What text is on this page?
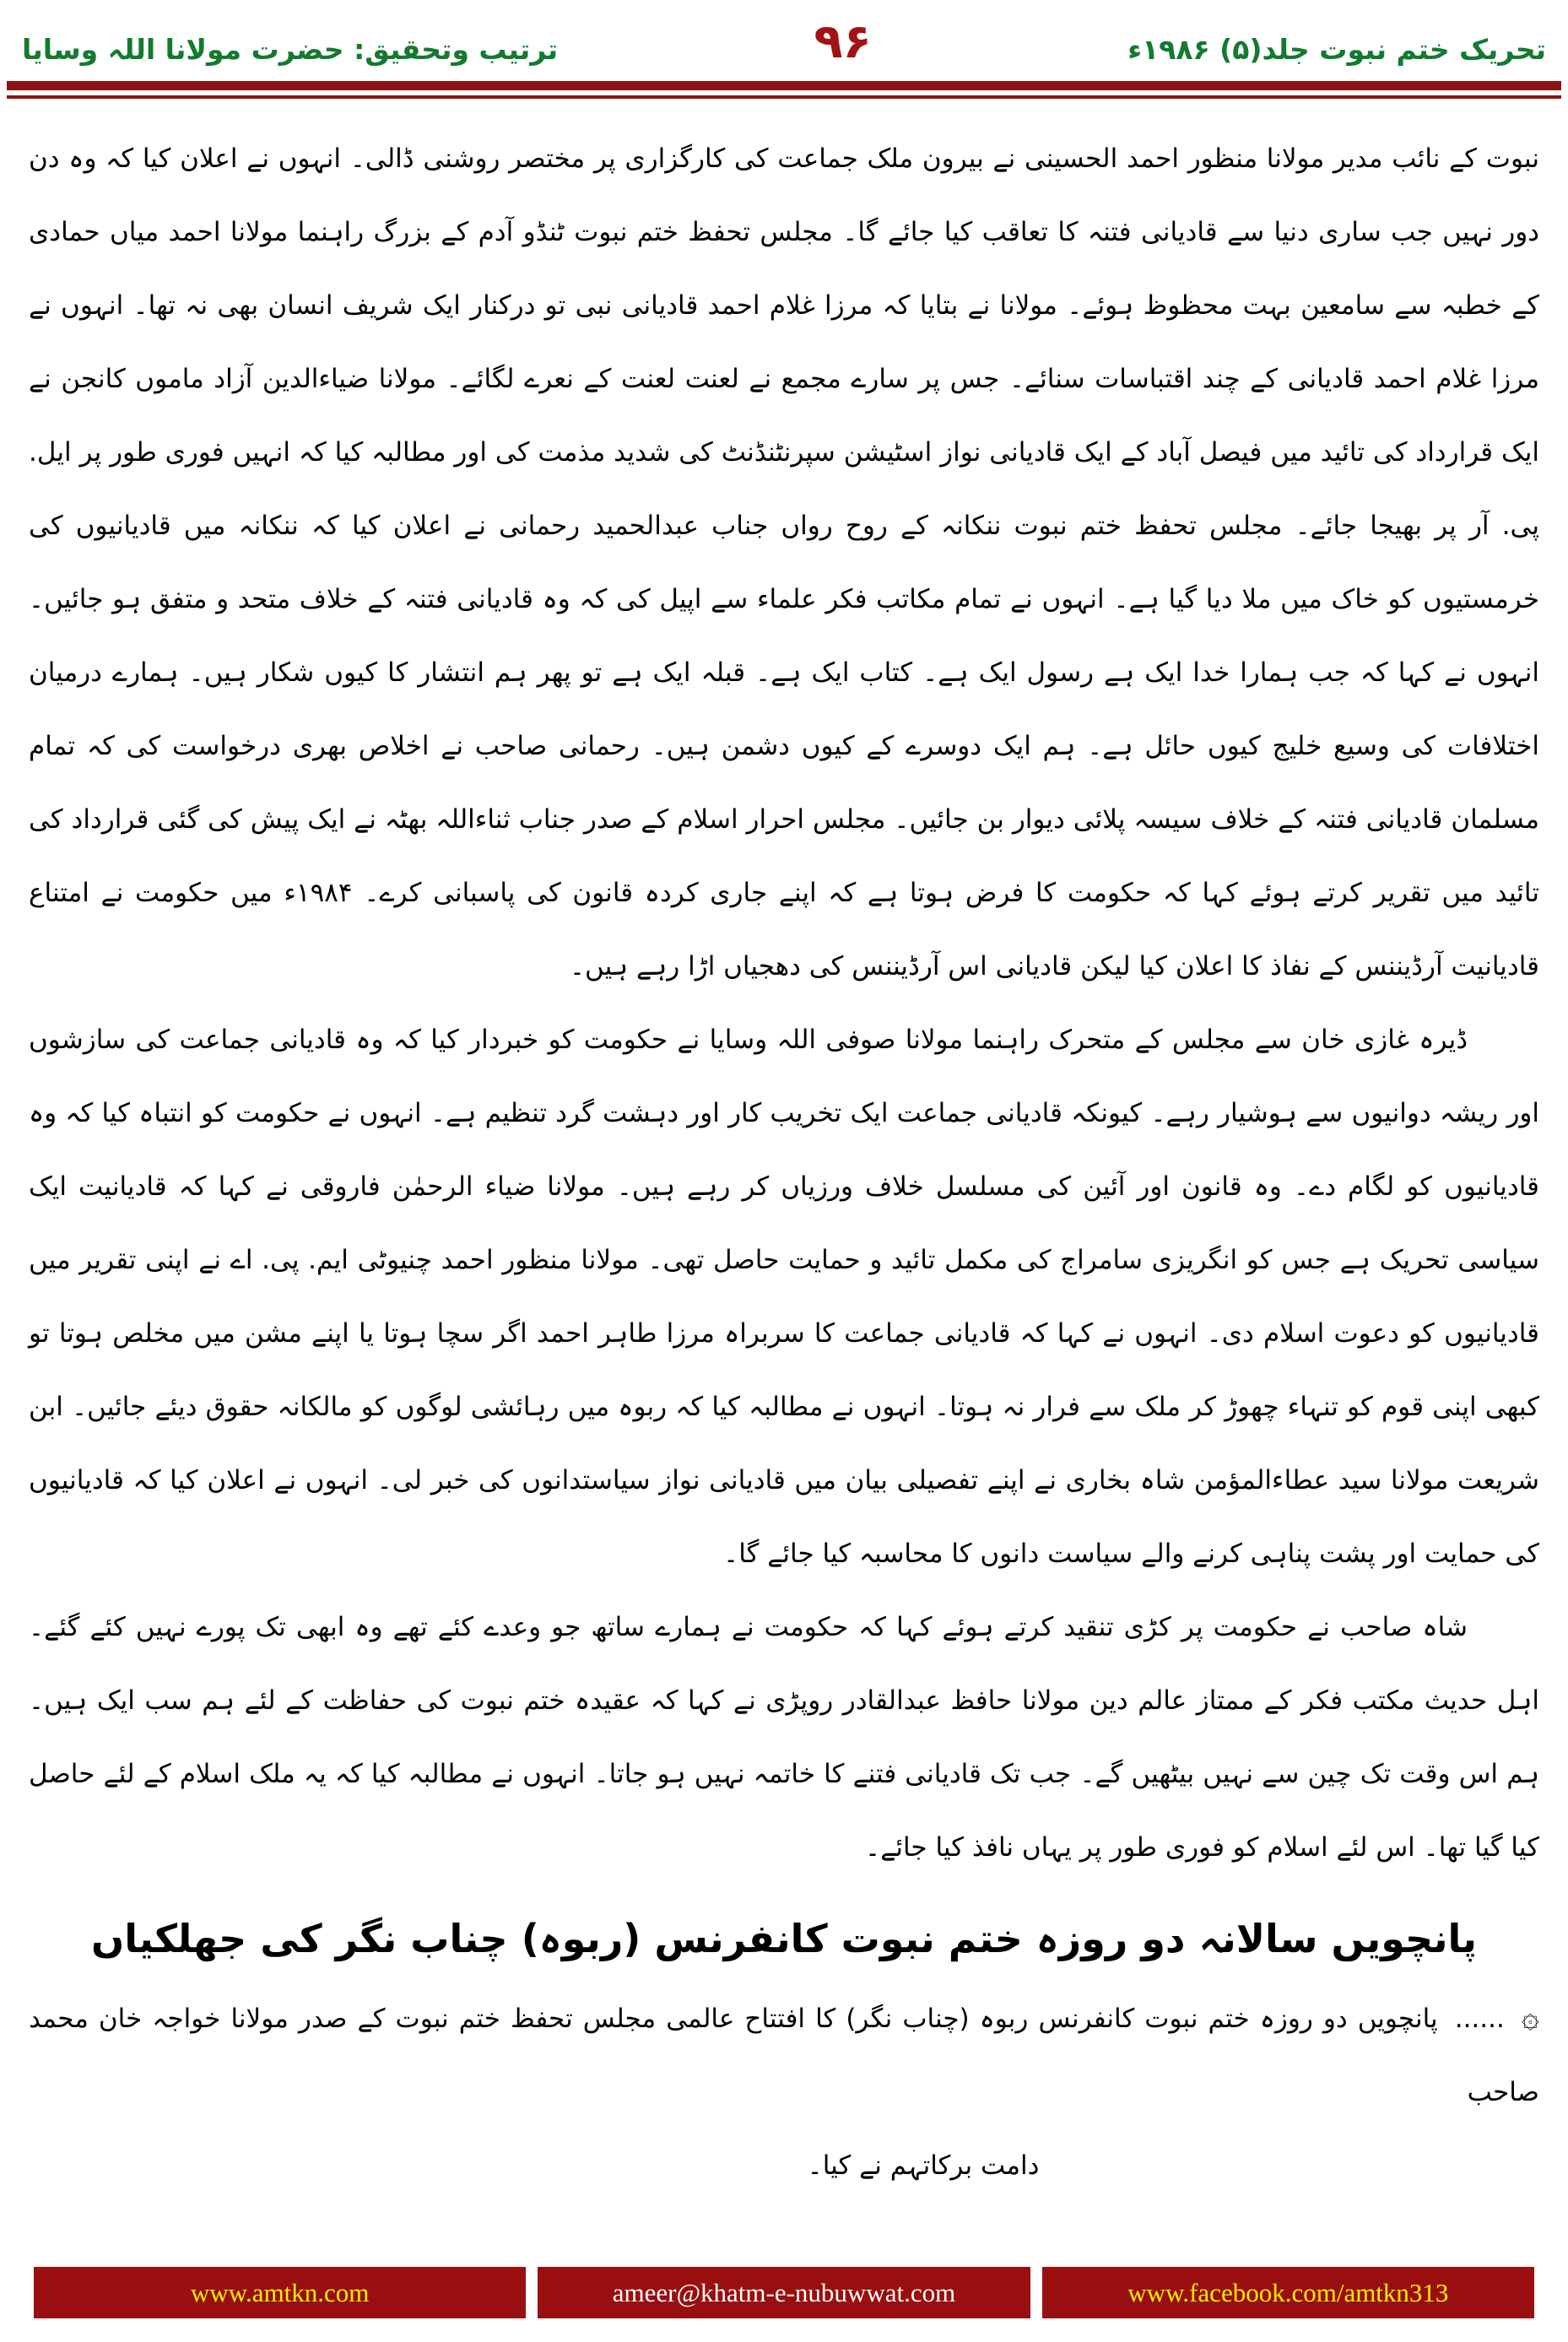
تحریک ختم نبوت جلد(۵) ۱۹۸۶ء
۹۶
ترتیب وتحقیق: حضرت مولانا اللہ وسایا

نبوت کے نائب مدیر مولانا منظور احمد الحسینی نے بیرون ملک جماعت کی کارگزاری پر مختصر روشنی ڈالی۔ انہوں نے اعلان کیا کہ وہ دن دور نہیں جب ساری دنیا سے قادیانی فتنہ کا تعاقب کیا جائے گا۔ مجلس تحفظ ختم نبوت ٹنڈو آدم کے بزرگ راہنما مولانا احمد میاں حمادی کے خطبہ سے سامعین بہت محظوظ ہوئے۔ مولانا نے بتایا کہ مرزا غلام احمد قادیانی نبی تو درکنار ایک شریف انسان بھی نہ تھا۔ انہوں نے مرزا غلام احمد قادیانی کے چند اقتباسات سنائے۔ جس پر سارے مجمع نے لعنت لعنت کے نعرے لگائے۔ مولانا ضیاءالدین آزاد ماموں کانجن نے ایک قرارداد کی تائید میں فیصل آباد کے ایک قادیانی نواز اسٹیشن سپرنٹنڈنٹ کی شدید مذمت کی اور مطالبہ کیا کہ انہیں فوری طور پر ایل. پی. آر پر بھیجا جائے۔ مجلس تحفظ ختم نبوت ننکانہ کے روح رواں جناب عبدالحمید رحمانی نے اعلان کیا کہ ننکانہ میں قادیانیوں کی خرمستیوں کو خاک میں ملا دیا گیا ہے۔ انہوں نے تمام مکاتب فکر علماء سے اپیل کی کہ وہ قادیانی فتنہ کے خلاف متحد و متفق ہو جائیں۔ انہوں نے کہا کہ جب ہمارا خدا ایک ہے رسول ایک ہے۔ کتاب ایک ہے۔ قبلہ ایک ہے تو پھر ہم انتشار کا کیوں شکار ہیں۔ ہمارے درمیان اختلافات کی وسیع خلیج کیوں حائل ہے۔ ہم ایک دوسرے کے کیوں دشمن ہیں۔ رحمانی صاحب نے اخلاص بھری درخواست کی کہ تمام مسلمان قادیانی فتنہ کے خلاف سیسہ پلائی دیوار بن جائیں۔ مجلس احرار اسلام کے صدر جناب ثناءاللہ بھٹہ نے ایک پیش کی گئی قرارداد کی تائید میں تقریر کرتے ہوئے کہا کہ حکومت کا فرض ہوتا ہے کہ اپنے جاری کردہ قانون کی پاسبانی کرے۔ ۱۹۸۴ء میں حکومت نے امتناع قادیانیت آرڈیننس کے نفاذ کا اعلان کیا لیکن قادیانی اس آرڈیننس کی دھجیاں اڑا رہے ہیں۔

ڈیرہ غازی خان سے مجلس کے متحرک راہنما مولانا صوفی اللہ وسایا نے حکومت کو خبردار کیا کہ وہ قادیانی جماعت کی سازشوں اور ریشہ دوانیوں سے ہوشیار رہے۔ کیونکہ قادیانی جماعت ایک تخریب کار اور دہشت گرد تنظیم ہے۔ انہوں نے حکومت کو انتباہ کیا کہ وہ قادیانیوں کو لگام دے۔ وہ قانون اور آئین کی مسلسل خلاف ورزیاں کر رہے ہیں۔ مولانا ضیاء الرحمٰن فاروقی نے کہا کہ قادیانیت ایک سیاسی تحریک ہے جس کو انگریزی سامراج کی مکمل تائید و حمایت حاصل تھی۔ مولانا منظور احمد چنیوٹی ایم. پی. اے نے اپنی تقریر میں قادیانیوں کو دعوت اسلام دی۔ انہوں نے کہا کہ قادیانی جماعت کا سربراہ مرزا طاہر احمد اگر سچا ہوتا یا اپنے مشن میں مخلص ہوتا تو کبھی اپنی قوم کو تنہاء چھوڑ کر ملک سے فرار نہ ہوتا۔ انہوں نے مطالبہ کیا کہ ربوہ میں رہائشی لوگوں کو مالکانہ حقوق دیئے جائیں۔ ابن شریعت مولانا سید عطاءالمؤمن شاہ بخاری نے اپنے تفصیلی بیان میں قادیانی نواز سیاستدانوں کی خبر لی۔ انہوں نے اعلان کیا کہ قادیانیوں کی حمایت اور پشت پناہی کرنے والے سیاست دانوں کا محاسبہ کیا جائے گا۔

شاہ صاحب نے حکومت پر کڑی تنقید کرتے ہوئے کہا کہ حکومت نے ہمارے ساتھ جو وعدے کئے تھے وہ ابھی تک پورے نہیں کئے گئے۔ اہل حدیث مکتب فکر کے ممتاز عالم دین مولانا حافظ عبدالقادر روپڑی نے کہا کہ عقیدہ ختم نبوت کی حفاظت کے لئے ہم سب ایک ہیں۔ ہم اس وقت تک چین سے نہیں بیٹھیں گے۔ جب تک قادیانی فتنے کا خاتمہ نہیں ہو جاتا۔ انہوں نے مطالبہ کیا کہ یہ ملک اسلام کے لئے حاصل کیا گیا تھا۔ اس لئے اسلام کو فوری طور پر یہاں نافذ کیا جائے۔

پانچویں سالانہ دو روزہ ختم نبوت کانفرنس (ربوہ) چناب نگر کی جھلکیاں

۞ ...... پانچویں دو روزہ ختم نبوت کانفرنس ربوہ (چناب نگر) کا افتتاح عالمی مجلس تحفظ ختم نبوت کے صدر مولانا خواجہ خان محمد صاحب

دامت برکاتہم نے کیا۔
www.amtkn.com	ameer@khatm-e-nubuwwat.com	www.facebook.com/amtkn313
